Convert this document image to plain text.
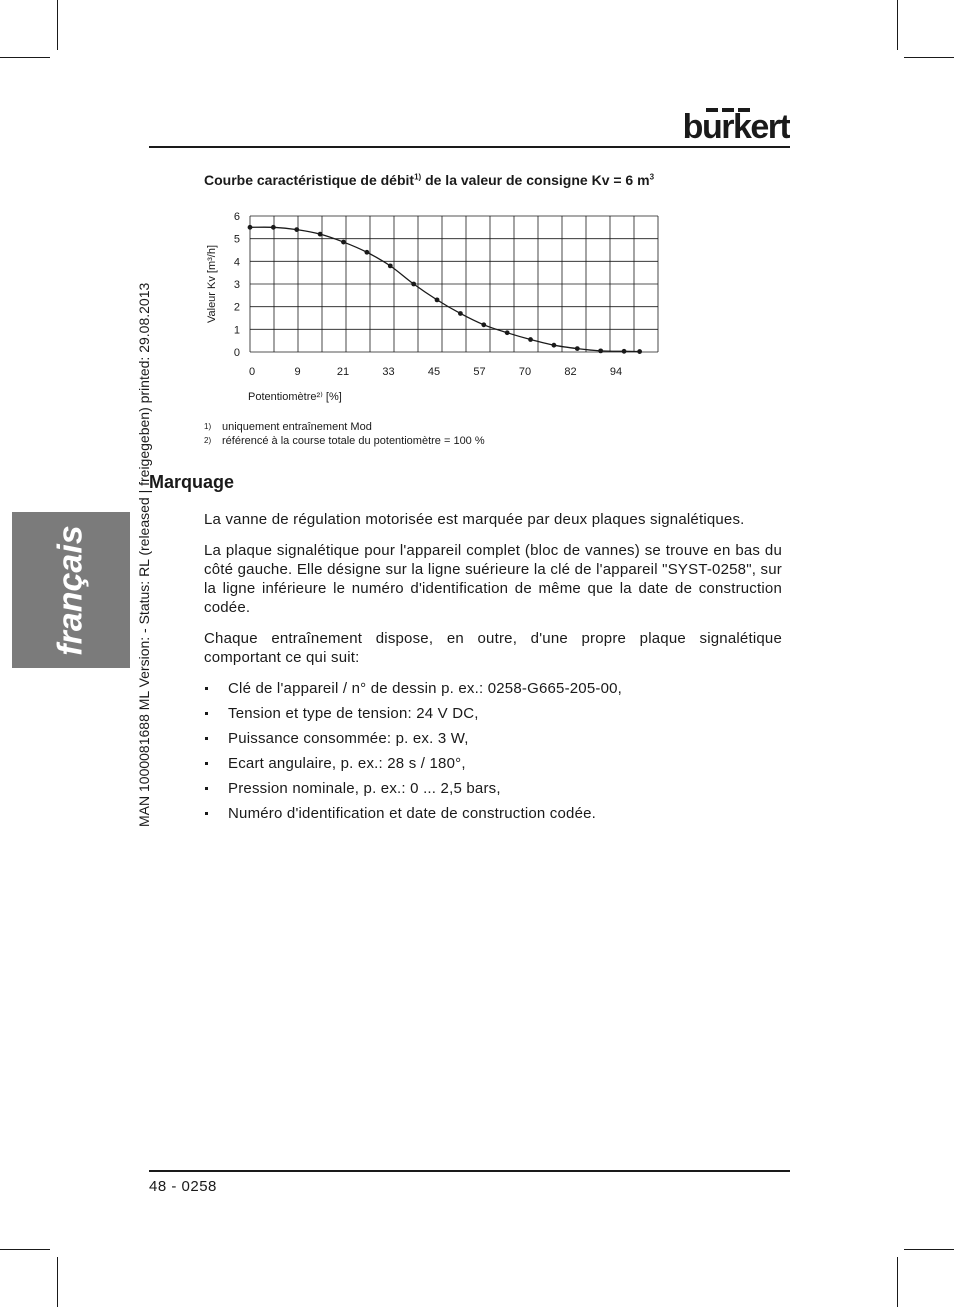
burkert
français	MAN 1000081688 ML Version: - Status: RL (released | freigegeben) printed: 29.08.2013
Courbe caractéristique de débit$^{1)}$ de la valeur de consigne Kv = 6 $m^3$
0
1
2
3
4
5
6
0	9	21	33	45	57	70	82	94
Valeur Kv [m³/h]
Potentiomètre²⁾ [%]
1) uniquement entraînement Mod
2) référencé à la course totale du potentiomètre = 100 %
Marquage

La vanne de régulation motorisée est marquée par deux plaques signalétiques.

La plaque signalétique pour l'appareil complet (bloc de vannes) se trouve en bas du côté gauche. Elle désigne sur la ligne suérieure la clé de l'appareil "SYST-0258", sur la ligne inférieure le numéro d'identification de même que la date de construction codée.

Chaque entraînement dispose, en outre, d'une propre plaque signalétique comportant ce qui suit:

Clé de l'appareil / n° de dessin p. ex.: 0258-G665-205-00,
Tension et type de tension: 24 V DC,
Puissance consommée: p. ex. 3 W,
Ecart angulaire, p. ex.: 28 s / 180°,
Pression nominale, p. ex.: 0 ... 2,5 bars,
Numéro d'identification et date de construction codée.
48 - 0258
